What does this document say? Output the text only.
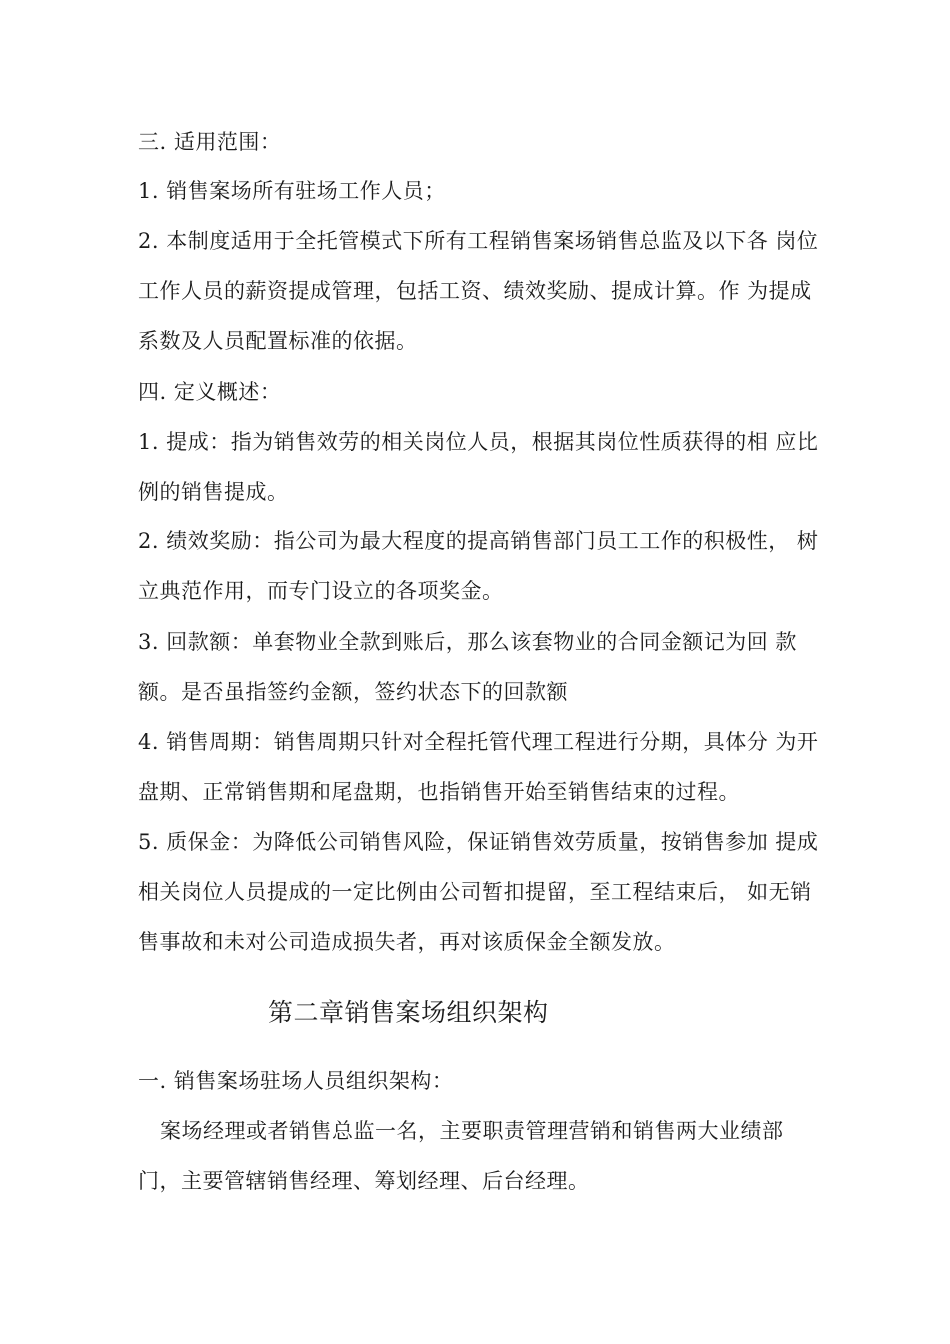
三. 适用范围：
1. 销售案场所有驻场工作人员；
2. 本制度适用于全托管模式下所有工程销售案场销售总监及以下各 岗位
工作人员的薪资提成管理，包括工资、绩效奖励、提成计算。作 为提成
系数及人员配置标准的依据。
四. 定义概述：
1. 提成：指为销售效劳的相关岗位人员，根据其岗位性质获得的相 应比
例的销售提成。
2. 绩效奖励：指公司为最大程度的提高销售部门员工工作的积极性， 树
立典范作用，而专门设立的各项奖金。
3. 回款额：单套物业全款到账后，那么该套物业的合同金额记为回 款
额。是否虽指签约金额，签约状态下的回款额
4. 销售周期：销售周期只针对全程托管代理工程进行分期，具体分 为开
盘期、正常销售期和尾盘期，也指销售开始至销售结束的过程。
5. 质保金：为降低公司销售风险，保证销售效劳质量，按销售参加 提成
相关岗位人员提成的一定比例由公司暂扣提留，至工程结束后， 如无销
售事故和未对公司造成损失者，再对该质保金全额发放。
第二章销售案场组织架构
一. 销售案场驻场人员组织架构：
案场经理或者销售总监一名，主要职责管理营销和销售两大业绩部
门，主要管辖销售经理、筹划经理、后台经理。
